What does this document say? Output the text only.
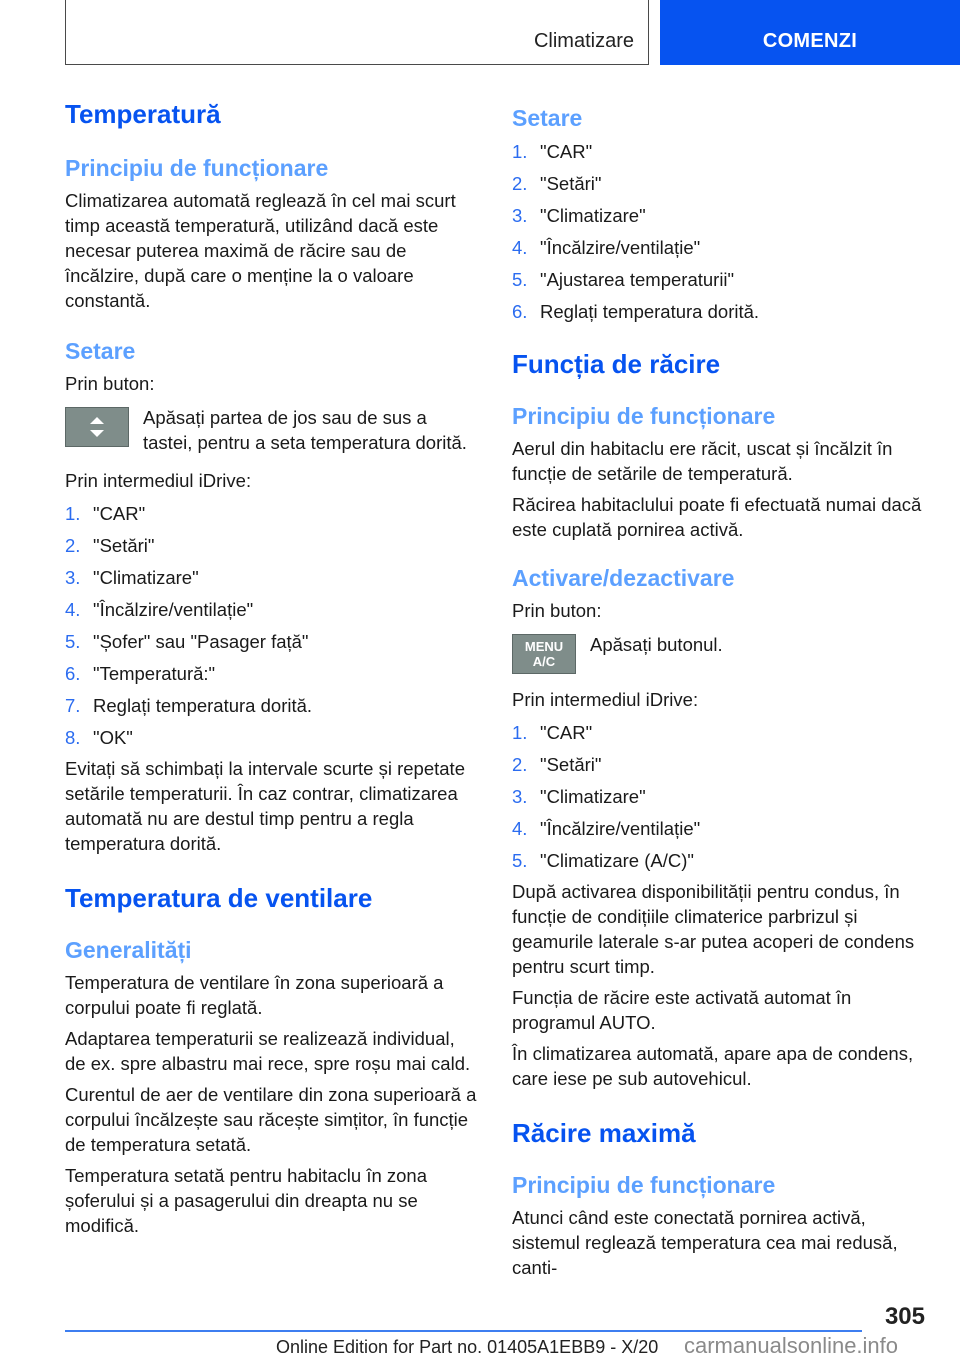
Climatizare	COMENZI
Temperatură
Principiu de funcționare

Climatizarea automată reglează în cel mai scurt timp această temperatură, utilizând dacă este necesar puterea maximă de răcire sau de încălzire, după care o menține la o valoare constantă.

Setare

Prin buton:

Apăsați partea de jos sau de sus a tastei, pentru a seta temperatura dorită.

Prin intermediul iDrive:

1. "CAR"
2. "Setări"
3. "Climatizare"
4. "Încălzire/ventilație"
5. "Șofer" sau "Pasager față"
6. "Temperatură:"
7. Reglați temperatura dorită.
8. "OK"

Evitați să schimbați la intervale scurte și repetate setările temperaturii. În caz contrar, climatizarea automată nu are destul timp pentru a regla temperatura dorită.

Temperatura de ventilare
Generalități

Temperatura de ventilare în zona superioară a corpului poate fi reglată.

Adaptarea temperaturii se realizează individual, de ex. spre albastru mai rece, spre roșu mai cald.

Curentul de aer de ventilare din zona superioară a corpului încălzește sau răcește simțitor, în funcție de temperatura setată.

Temperatura setată pentru habitaclu în zona șoferului și a pasagerului din dreapta nu se modifică.

Setare
1. "CAR"
2. "Setări"
3. "Climatizare"
4. "Încălzire/ventilație"
5. "Ajustarea temperaturii"
6. Reglați temperatura dorită.
Funcția de răcire
Principiu de funcționare

Aerul din habitaclu ere răcit, uscat și încălzit în funcție de setările de temperatură.

Răcirea habitaclului poate fi efectuată numai dacă este cuplată pornirea activă.

Activare/dezactivare

Prin buton:

MENU
A/C

Apăsați butonul.

Prin intermediul iDrive:

1. "CAR"
2. "Setări"
3. "Climatizare"
4. "Încălzire/ventilație"
5. "Climatizare (A/C)"

După activarea disponibilității pentru condus, în funcție de condițiile climaterice parbrizul și geamurile laterale s-ar putea acoperi de condens pentru scurt timp.

Funcția de răcire este activată automat în programul AUTO.

În climatizarea automată, apare apa de condens, care iese pe sub autovehicul.

Răcire maximă
Principiu de funcționare

Atunci când este conectată pornirea activă, sistemul reglează temperatura cea mai redusă, canti-

305
Online Edition for Part no. 01405A1EBB9 - X/20 carmanualsonline.info
